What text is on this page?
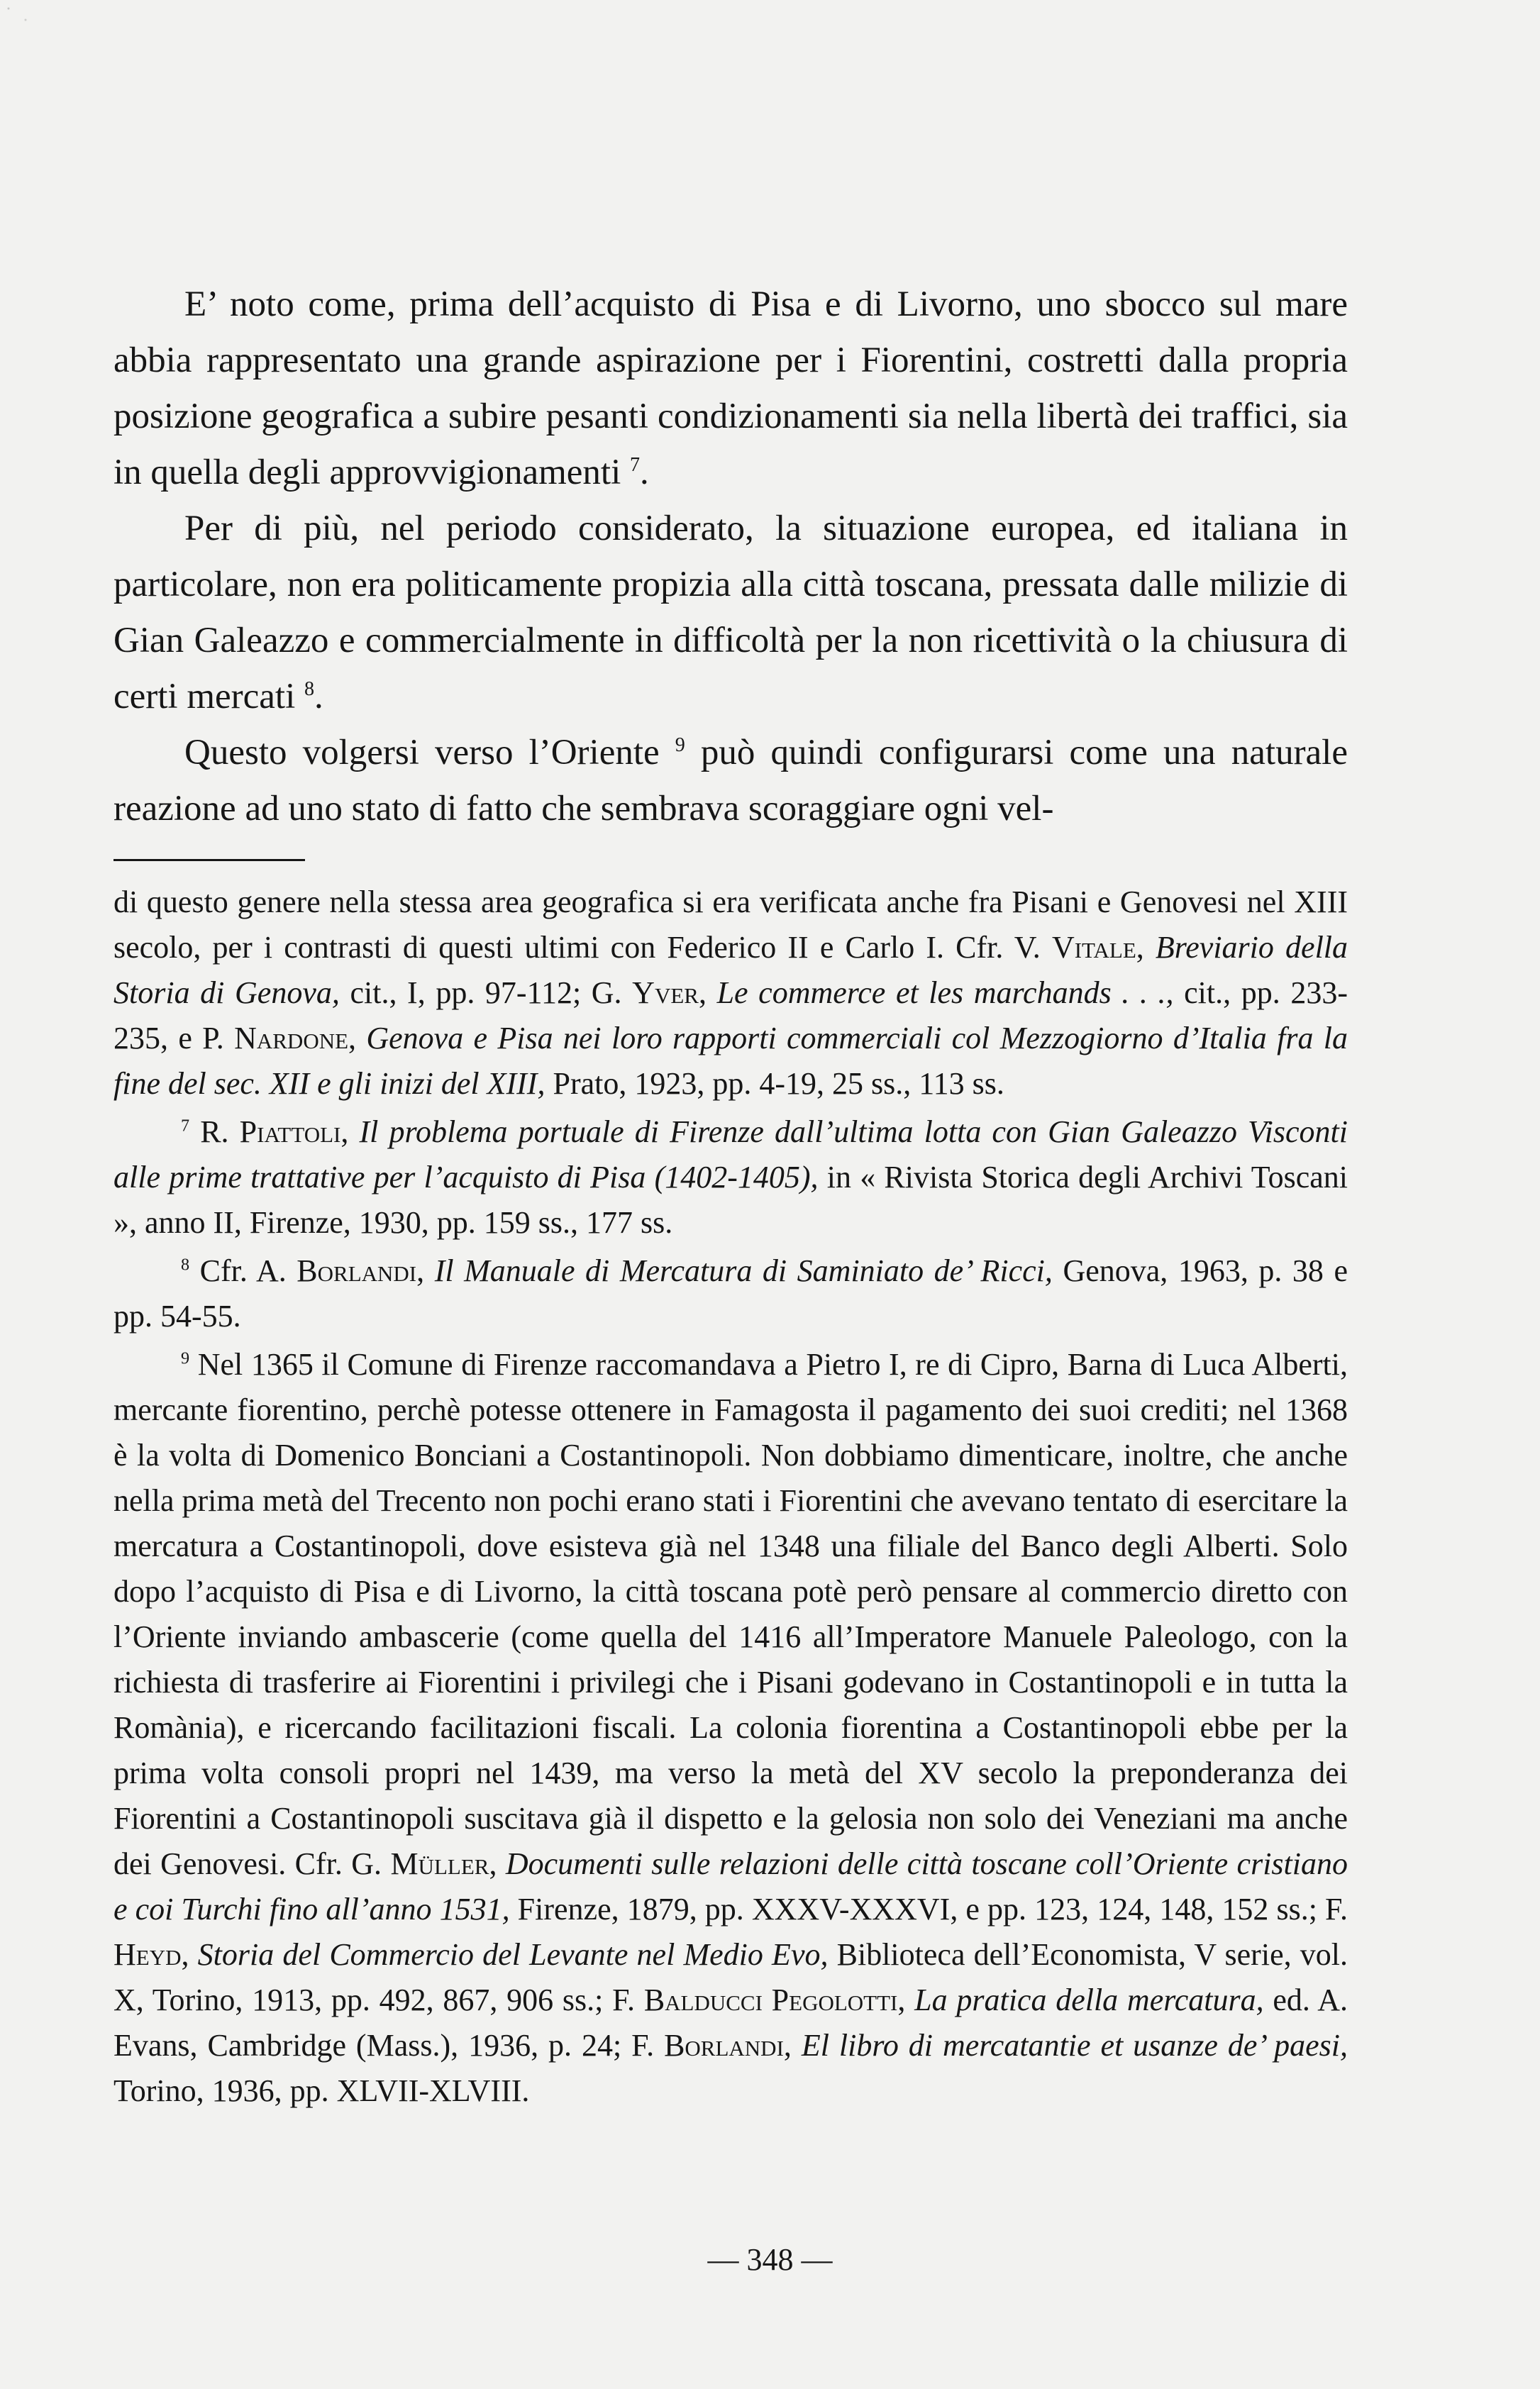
E’ noto come, prima dell’acquisto di Pisa e di Livorno, uno sbocco sul mare abbia rappresentato una grande aspirazione per i Fiorentini, costretti dalla propria posizione geografica a subire pesanti condizionamenti sia nella libertà dei traffici, sia in quella degli approvvigionamenti $^7$.

Per di più, nel periodo considerato, la situazione europea, ed italiana in particolare, non era politicamente propizia alla città toscana, pressata dalle milizie di Gian Galeazzo e commercialmente in difficoltà per la non ricettività o la chiusura di certi mercati $^8$.

Questo volgersi verso l’Oriente $^9$ può quindi configurarsi come una naturale reazione ad uno stato di fatto che sembrava scoraggiare ogni vel-

di questo genere nella stessa area geografica si era verificata anche fra Pisani e Genovesi nel XIII secolo, per i contrasti di questi ultimi con Federico II e Carlo I. Cfr. V. Vitale, Breviario della Storia di Genova, cit., I, pp. 97-112; G. Yver, Le commerce et les marchands . . ., cit., pp. 233-235, e P. Nardone, Genova e Pisa nei loro rapporti commerciali col Mezzogiorno d’Italia fra la fine del sec. XII e gli inizi del XIII, Prato, 1923, pp. 4-19, 25 ss., 113 ss.

$^7$ R. Piattoli, Il problema portuale di Firenze dall’ultima lotta con Gian Galeazzo Visconti alle prime trattative per l’acquisto di Pisa (1402-1405), in « Rivista Storica degli Archivi Toscani », anno II, Firenze, 1930, pp. 159 ss., 177 ss.

$^8$ Cfr. A. Borlandi, Il Manuale di Mercatura di Saminiato de’ Ricci, Genova, 1963, p. 38 e pp. 54-55.

$^9$ Nel 1365 il Comune di Firenze raccomandava a Pietro I, re di Cipro, Barna di Luca Alberti, mercante fiorentino, perchè potesse ottenere in Famagosta il pagamento dei suoi crediti; nel 1368 è la volta di Domenico Bonciani a Costantinopoli. Non dobbiamo dimenticare, inoltre, che anche nella prima metà del Trecento non pochi erano stati i Fiorentini che avevano tentato di esercitare la mercatura a Costantinopoli, dove esisteva già nel 1348 una filiale del Banco degli Alberti. Solo dopo l’acquisto di Pisa e di Livorno, la città toscana potè però pensare al commercio diretto con l’Oriente inviando ambascerie (come quella del 1416 all’Imperatore Manuele Paleologo, con la richiesta di trasferire ai Fiorentini i privilegi che i Pisani godevano in Costantinopoli e in tutta la Romània), e ricercando facilitazioni fiscali. La colonia fiorentina a Costantinopoli ebbe per la prima volta consoli propri nel 1439, ma verso la metà del XV secolo la preponderanza dei Fiorentini a Costantinopoli suscitava già il dispetto e la gelosia non solo dei Veneziani ma anche dei Genovesi. Cfr. G. Müller, Documenti sulle relazioni delle città toscane coll’Oriente cristiano e coi Turchi fino all’anno 1531, Firenze, 1879, pp. XXXV-XXXVI, e pp. 123, 124, 148, 152 ss.; F. Heyd, Storia del Commercio del Levante nel Medio Evo, Biblioteca dell’Economista, V serie, vol. X, Torino, 1913, pp. 492, 867, 906 ss.; F. Balducci Pegolotti, La pratica della mercatura, ed. A. Evans, Cambridge (Mass.), 1936, p. 24; F. Borlandi, El libro di mercatantie et usanze de’ paesi, Torino, 1936, pp. XLVII-XLVIII.

— 348 —
